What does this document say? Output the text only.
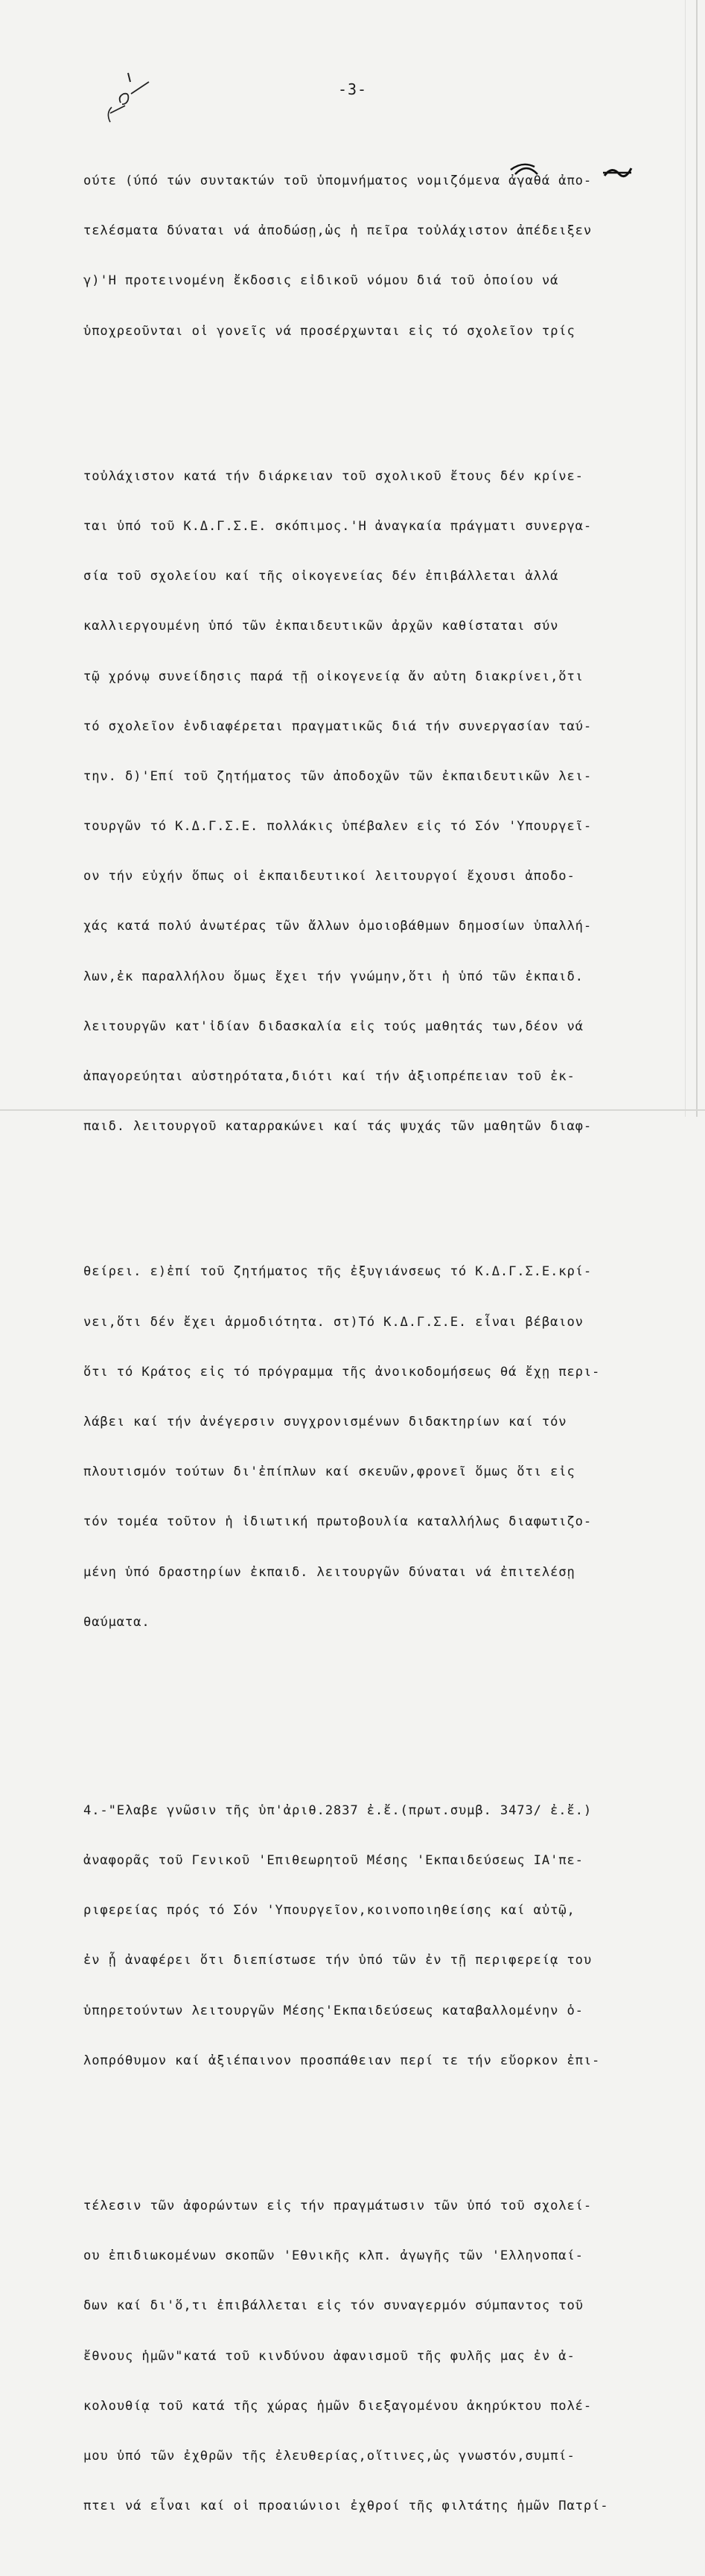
-3-

ούτε (ύπό τών συντακτών τοῦ ὑπομνήματος νομιζόμενα ἀγαθά ἀπο-

τελέσματα δύναται νά ἀποδώσῃ,ὡς ἡ πεῖρα τοὐλάχιστον ἀπέδειξεν

γ)'Η προτεινομένη ἔκδοσις εἰδικοῦ νόμου διά τοῦ ὁποίου νά

ὑποχρεοῦνται οἱ γονεῖς νά προσέρχωνται εἰς τό σχολεῖον τρίς

τοὐλάχιστον κατά τήν διάρκειαν τοῦ σχολικοῦ ἔτους δέν κρίνε-

ται ὑπό τοῦ Κ.Δ.Γ.Σ.Ε. σκόπιμος.'Η ἀναγκαία πράγματι συνεργα-

σία τοῦ σχολείου καί τῆς οἰκογενείας δέν ἐπιβάλλεται ἀλλά

καλλιεργουμένη ὑπό τῶν ἐκπαιδευτικῶν ἀρχῶν καθίσταται σύν

τῷ χρόνῳ συνείδησις παρά τῇ οἰκογενείᾳ ἄν αὐτη διακρίνει,ὅτι

τό σχολεῖον ἐνδιαφέρεται πραγματικῶς διά τήν συνεργασίαν ταύ-

την. δ)'Επί τοῦ ζητήματος τῶν ἀποδοχῶν τῶν ἐκπαιδευτικῶν λει-

τουργῶν τό Κ.Δ.Γ.Σ.Ε. πολλάκις ὑπέβαλεν εἰς τό Σόν 'Υπουργεῖ-

ον τήν εὐχήν ὅπως οἱ ἐκπαιδευτικοί λειτουργοί ἔχουσι ἀποδο-

χάς κατά πολύ ἀνωτέρας τῶν ἄλλων ὁμοιοβάθμων δημοσίων ὑπαλλή-

λων,ἐκ παραλλήλου ὅμως ἔχει τήν γνώμην,ὅτι ἡ ὑπό τῶν ἐκπαιδ.

λειτουργῶν κατ'ἰδίαν διδασκαλία εἰς τούς μαθητάς των,δέον νά

ἀπαγορεύηται αὐστηρότατα,διότι καί τήν ἀξιοπρέπειαν τοῦ ἐκ-

παιδ. λειτουργοῦ καταρρακώνει καί τάς ψυχάς τῶν μαθητῶν διαφ-

θείρει. ε)ἐπί τοῦ ζητήματος τῆς ἐξυγιάνσεως τό Κ.Δ.Γ.Σ.Ε.κρί-

νει,ὅτι δέν ἔχει ἁρμοδιότητα. στ)Τό Κ.Δ.Γ.Σ.Ε. εἶναι βέβαιον

ὅτι τό Κράτος εἰς τό πρόγραμμα τῆς ἀνοικοδομήσεως θά ἔχῃ περι-

λάβει καί τήν ἀνέγερσιν συγχρονισμένων διδακτηρίων καί τόν

πλουτισμόν τούτων δι'ἐπίπλων καί σκευῶν,φρονεῖ ὅμως ὅτι εἰς

τόν τομέα τοῦτον ἡ ἰδιωτική πρωτοβουλία καταλλήλως διαφωτιζο-

μένη ὑπό δραστηρίων ἐκπαιδ. λειτουργῶν δύναται νά ἐπιτελέσῃ

θαύματα.

4.-"Ελαβε γνῶσιν τῆς ὑπ'ἀριθ.2837 ἐ.ἔ.(πρωτ.συμβ. 3473/ ἐ.ἔ.)

ἀναφορᾶς τοῦ Γενικοῦ 'Επιθεωρητοῦ Μέσης 'Εκπαιδεύσεως ΙΑ'πε-

ριφερείας πρός τό Σόν 'Υπουργεῖον,κοινοποιηθείσης καί αὐτῷ,

ἐν ᾗ ἀναφέρει ὅτι διεπίστωσε τήν ὑπό τῶν ἐν τῇ περιφερείᾳ του

ὑπηρετούντων λειτουργῶν Μέσης'Εκπαιδεύσεως καταβαλλομένην ὁ-

λοπρόθυμον καί ἀξιέπαινον προσπάθειαν περί τε τήν εὔορκον ἐπι-

τέλεσιν τῶν ἀφορώντων εἰς τήν πραγμάτωσιν τῶν ὑπό τοῦ σχολεί-

ου ἐπιδιωκομένων σκοπῶν 'Εθνικῆς κλπ. ἀγωγῆς τῶν 'Ελληνοπαί-

δων καί δι'ὅ,τι ἐπιβάλλεται εἰς τόν συναγερμόν σύμπαντος τοῦ

ἔθνους ἡμῶν"κατά τοῦ κινδύνου ἀφανισμοῦ τῆς φυλῆς μας ἐν ἀ-

κολουθίᾳ τοῦ κατά τῆς χώρας ἡμῶν διεξαγομένου ἀκηρύκτου πολέ-

μου ὑπό τῶν ἐχθρῶν τῆς ἐλευθερίας,οἵτινες,ὡς γνωστόν,συμπί-

πτει νά εἶναι καί οἱ προαιώνιοι ἐχθροί τῆς φιλτάτης ἡμῶν Πατρί-
